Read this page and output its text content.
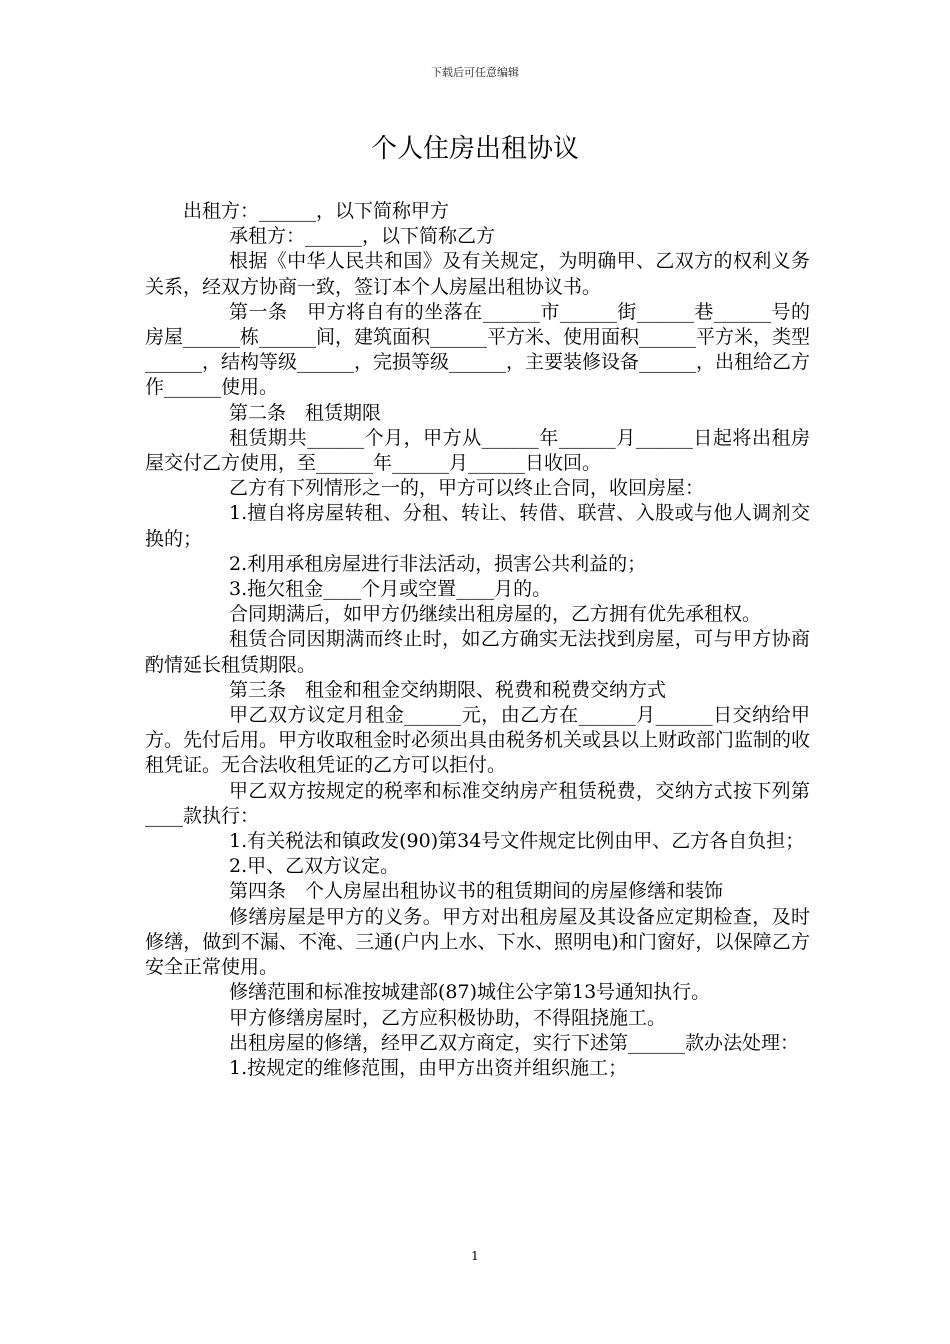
下载后可任意编辑
个人住房出租协议

出租方：______，以下简称甲方

承租方：______，以下简称乙方

根据《中华人民共和国》及有关规定，为明确甲、乙双方的权利义务关系，经双方协商一致，签订本个人房屋出租协议书。

第一条　甲方将自有的坐落在______市______街______巷______号的房屋______栋______间，建筑面积______平方米、使用面积______平方米，类型______，结构等级______，完损等级______，主要装修设备______，出租给乙方作______使用。

第二条　租赁期限

租赁期共______个月，甲方从______年______月______日起将出租房屋交付乙方使用，至______年______月______日收回。

乙方有下列情形之一的，甲方可以终止合同，收回房屋：

1.擅自将房屋转租、分租、转让、转借、联营、入股或与他人调剂交换的；

2.利用承租房屋进行非法活动，损害公共利益的；

3.拖欠租金____个月或空置____月的。

合同期满后，如甲方仍继续出租房屋的，乙方拥有优先承租权。

租赁合同因期满而终止时，如乙方确实无法找到房屋，可与甲方协商酌情延长租赁期限。

第三条　租金和租金交纳期限、税费和税费交纳方式

甲乙双方议定月租金______元，由乙方在______月______日交纳给甲方。先付后用。甲方收取租金时必须出具由税务机关或县以上财政部门监制的收租凭证。无合法收租凭证的乙方可以拒付。

甲乙双方按规定的税率和标准交纳房产租赁税费，交纳方式按下列第____款执行：

1.有关税法和镇政发(90)第34号文件规定比例由甲、乙方各自负担；

2.甲、乙双方议定。

第四条　个人房屋出租协议书的租赁期间的房屋修缮和装饰

修缮房屋是甲方的义务。甲方对出租房屋及其设备应定期检查，及时修缮，做到不漏、不淹、三通(户内上水、下水、照明电)和门窗好，以保障乙方安全正常使用。

修缮范围和标准按城建部(87)城住公字第13号通知执行。

甲方修缮房屋时，乙方应积极协助，不得阻挠施工。

出租房屋的修缮，经甲乙双方商定，实行下述第______款办法处理：

1.按规定的维修范围，由甲方出资并组织施工；

1
